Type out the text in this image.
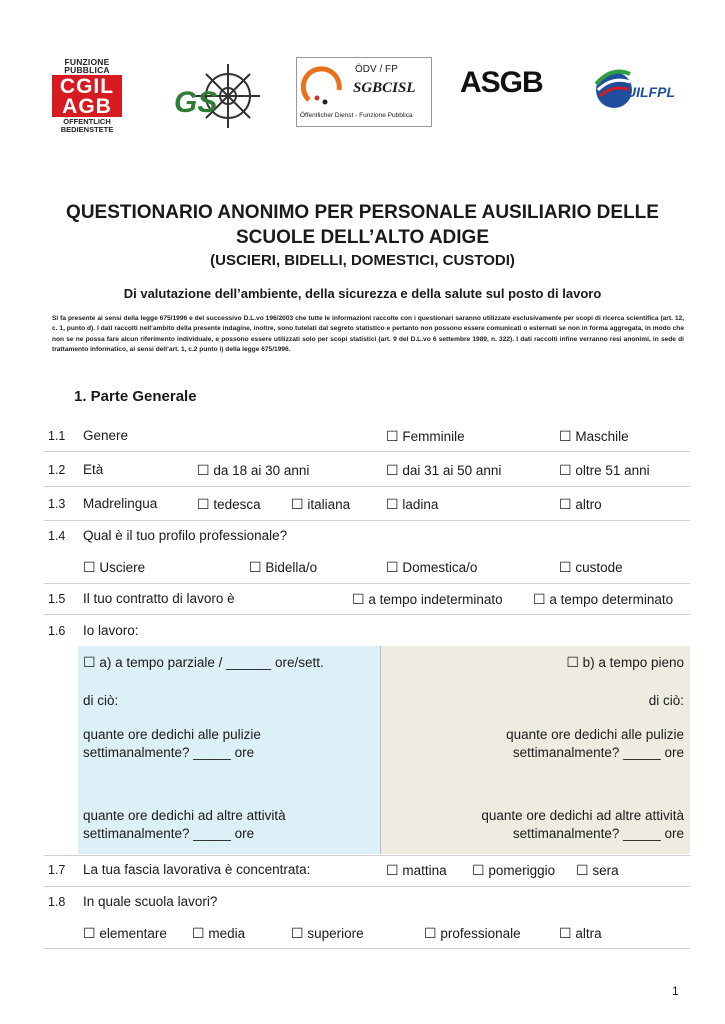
FUNZIONE PUBBLICA
CGIL
AGB
ÖFFENTLICH BEDIENSTETE
GS
ÖDV / FP
SGBCISL
Öffentlicher Dienst - Funzione Pubblica
ASGB	UILFPL
QUESTIONARIO ANONIMO PER PERSONALE AUSILIARIO DELLE
SCUOLE DELL’ALTO ADIGE
(USCIERI, BIDELLI, DOMESTICI, CUSTODI)
Di valutazione dell’ambiente, della sicurezza e della salute sul posto di lavoro
Si fa presente ai sensi della legge 675/1996 e del successivo D.L.vo 196/2003 che tutte le informazioni raccolte con i questionari saranno utilizzate esclusivamente per scopi di ricerca scientifica (art. 12, c. 1, punto d). I dati raccolti nell’ambito della presente indagine, inoltre, sono tutelati dal segreto statistico e pertanto non possono essere comunicati o esternati se non in forma aggregata, in modo che non se ne possa fare alcun riferimento individuale, e possono essere utilizzati solo per scopi statistici (art. 9 del D.L.vo 6 settembre 1989, n. 322). I dati raccolti infine verranno resi anonimi, in sede di trattamento informatico, ai sensi dell’art. 1, c.2 punto i) della legge 675/1996.
1. Parte Generale
1.1 Genere	☐ Femminile	☐ Maschile
1.2 Età	☐ da 18 ai 30 anni	☐ dai 31 ai 50 anni	☐ oltre 51 anni
1.3 Madrelingua	☐ tedesca ☐ italiana	☐ ladina	☐ altro
1.4 Qual è il tuo profilo professionale?
☐ Usciere	☐ Bidella/o	☐ Domestica/o	☐ custode
1.5 Il tuo contratto di lavoro è	☐ a tempo indeterminato ☐ a tempo determinato
1.6 Io lavoro:
☐ a) a tempo parziale / ______ ore/sett.
di ciò:
quante ore dedichi alle pulizie
settimanalmente? _____ ore
quante ore dedichi ad altre attività
settimanalmente? _____ ore
☐ b) a tempo pieno
di ciò:
quante ore dedichi alle pulizie
settimanalmente? _____ ore
quante ore dedichi ad altre attività
settimanalmente? _____ ore
1.7 La tua fascia lavorativa è concentrata:	☐ mattina ☐ pomeriggio ☐ sera
1.8 In quale scuola lavori?
☐ elementare ☐ media	☐ superiore	☐ professionale	☐ altra
1
